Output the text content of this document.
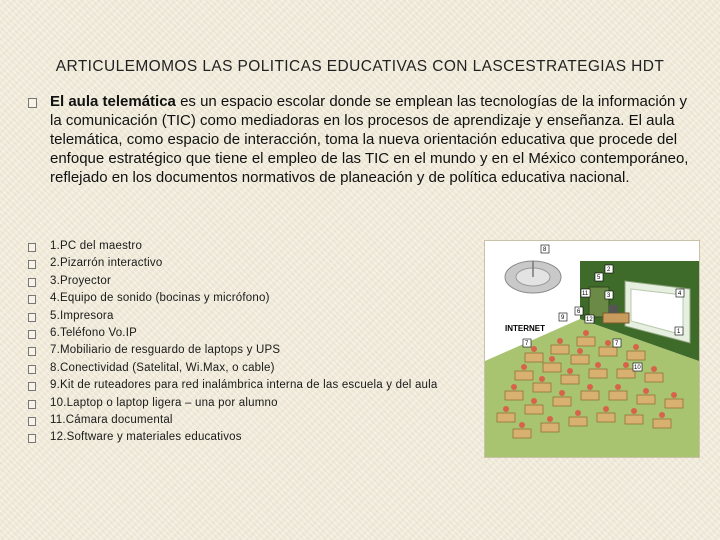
ARTICULEMOMOS LAS POLITICAS EDUCATIVAS CON LASCESTRATEGIAS HDT
El aula telemática es un espacio escolar donde se emplean las tecnologías de la información y la comunicación (TIC) como mediadoras en los procesos de aprendizaje y enseñanza. El aula telemática, como espacio de interacción, toma la nueva orientación educativa que procede del enfoque estratégico que tiene el empleo de las TIC en el mundo y en el México contemporáneo, reflejado en los documentos normativos de planeación y de política educativa nacional.
1.PC del maestro
2.Pizarrón interactivo
3.Proyector
4.Equipo de sonido (bocinas y micrófono)
5.Impresora
6.Teléfono Vo.IP
7.Mobiliario de resguardo de laptops y UPS
8.Conectividad (Satelital, Wi.Max, o cable)
9.Kit de ruteadores para red inalámbrica interna de las escuela y del aula
10.Laptop o laptop ligera – una por alumno
11.Cámara documental
12.Software y materiales educativos
INTERNET
8
2
5
4
11	3
9
6
12
1
7	7
10
